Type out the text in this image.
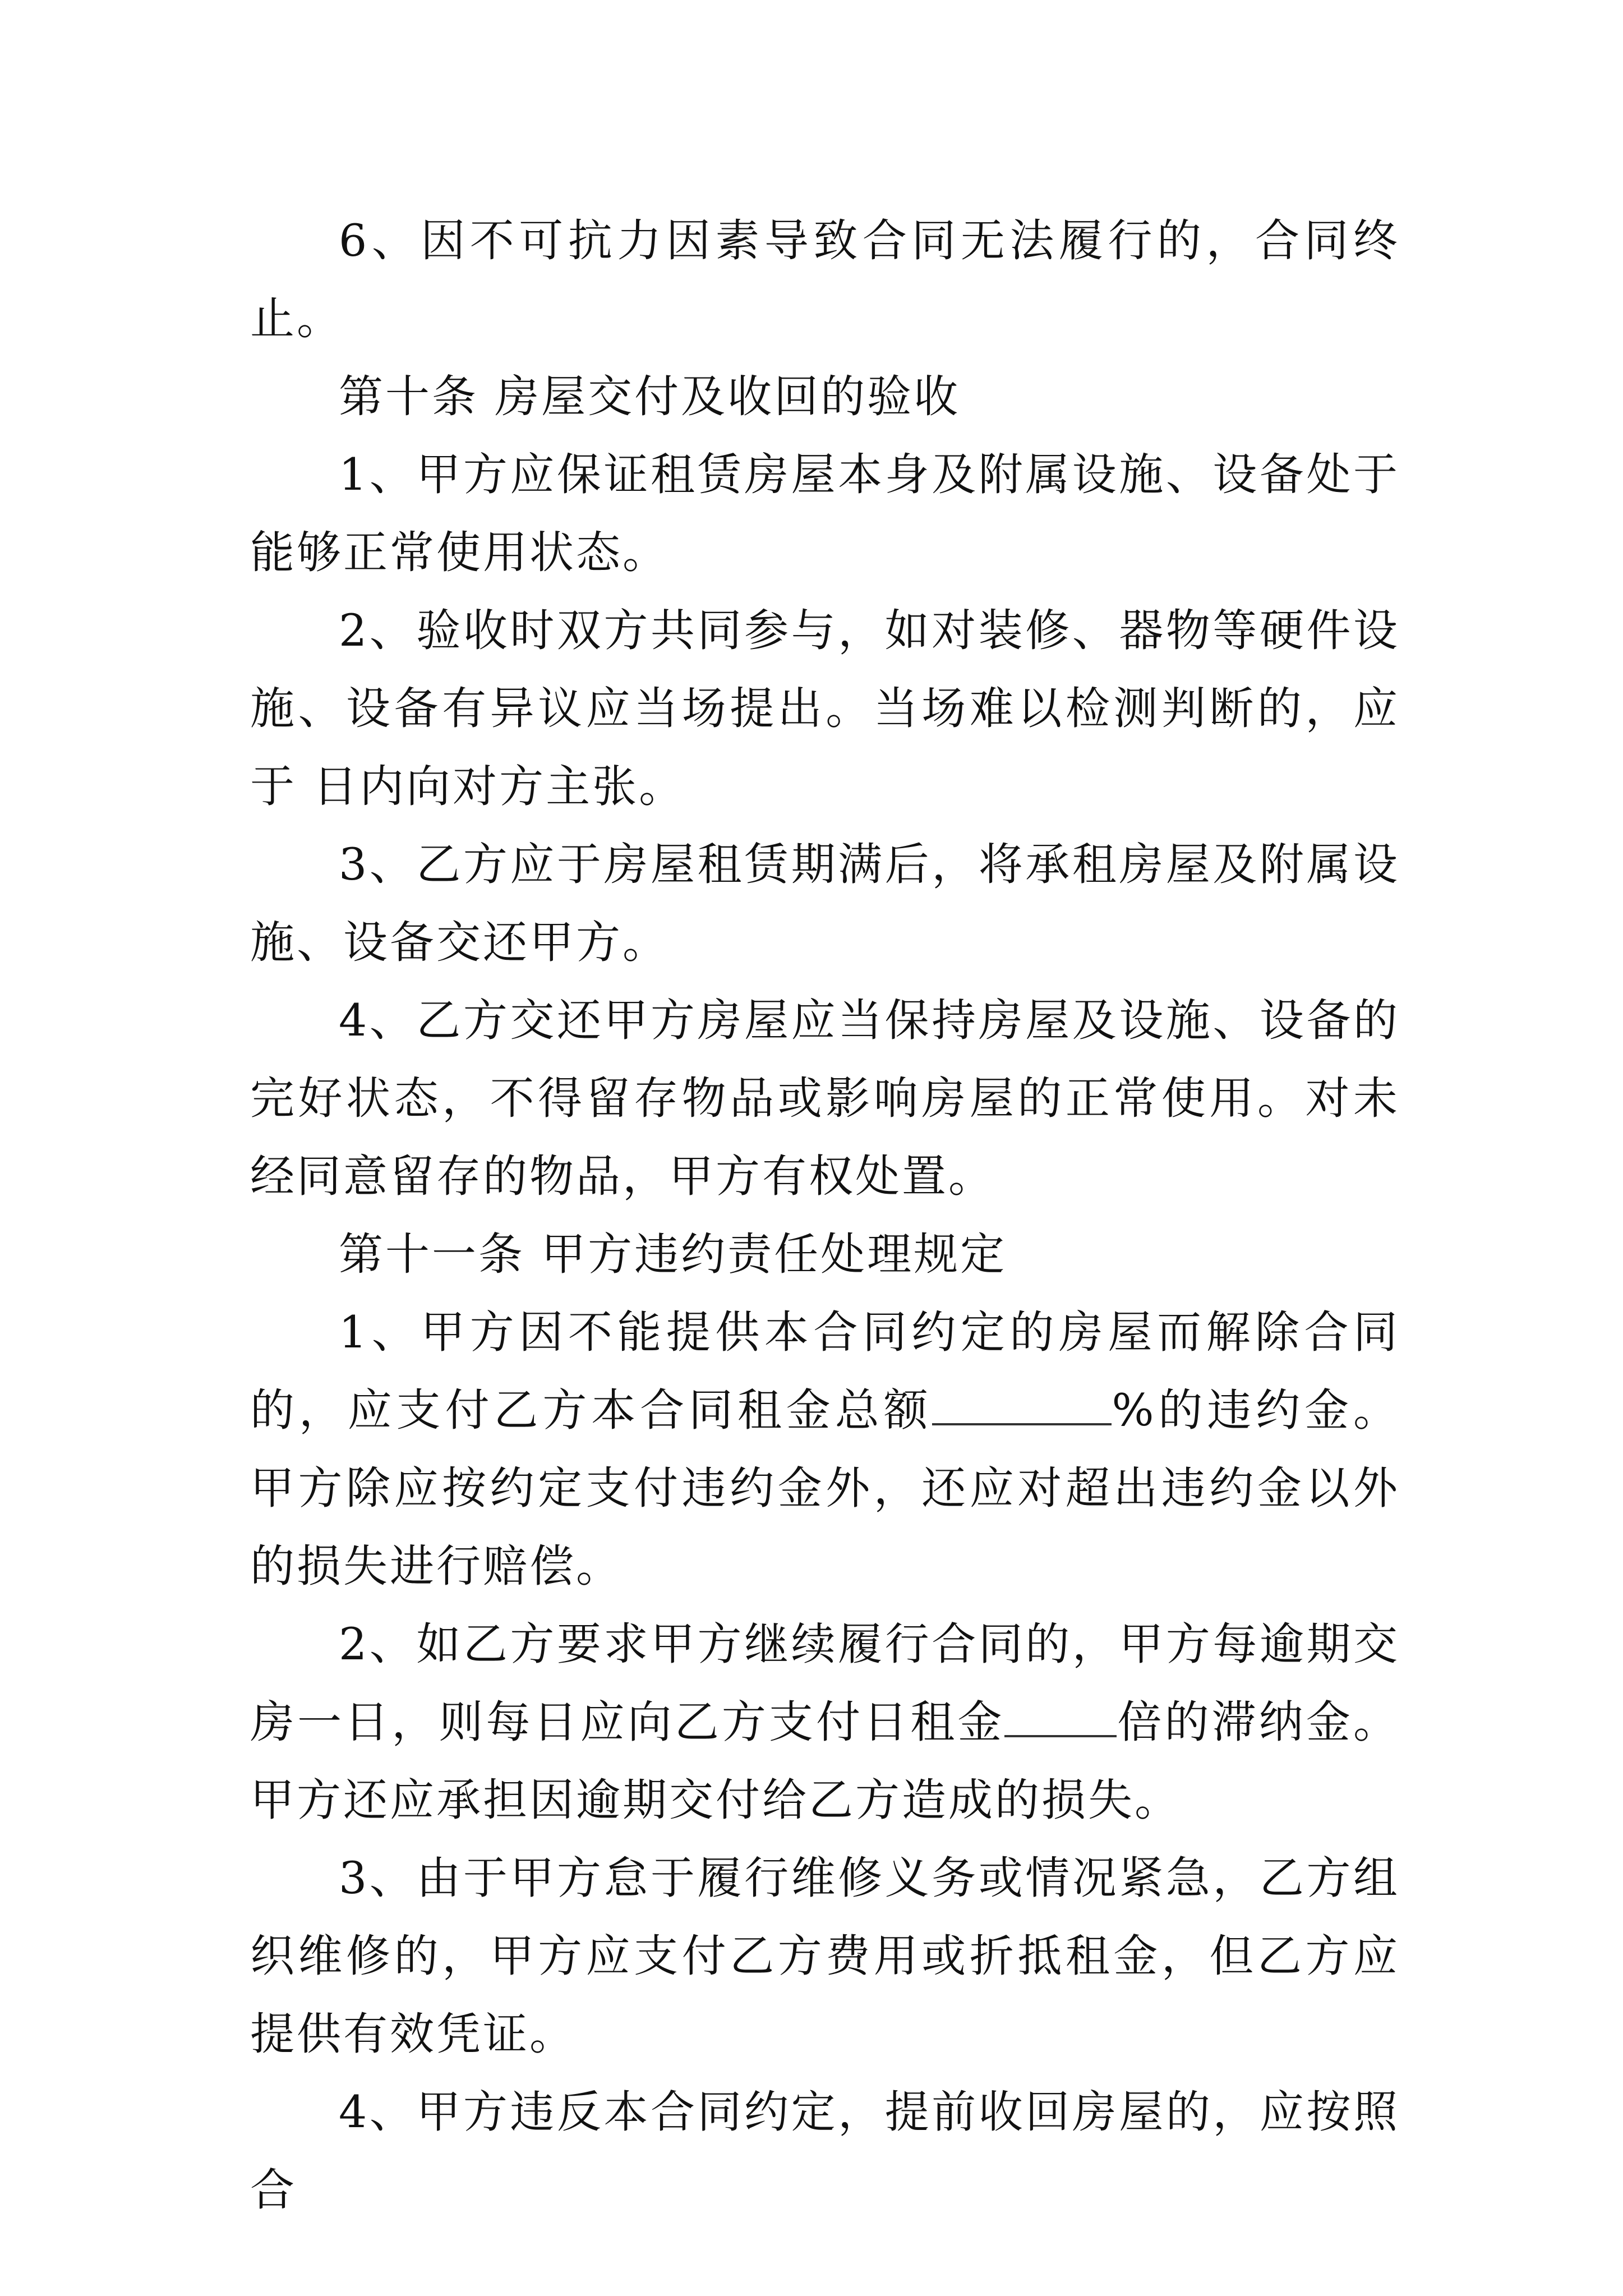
6、因不可抗力因素导致合同无法履行的，合同终止。

第十条 房屋交付及收回的验收

1、甲方应保证租赁房屋本身及附属设施、设备处于能够正常使用状态。

2、验收时双方共同参与，如对装修、器物等硬件设施、设备有异议应当场提出。当场难以检测判断的，应于 日内向对方主张。

3、乙方应于房屋租赁期满后，将承租房屋及附属设施、设备交还甲方。

4、乙方交还甲方房屋应当保持房屋及设施、设备的完好状态，不得留存物品或影响房屋的正常使用。对未经同意留存的物品，甲方有权处置。

第十一条 甲方违约责任处理规定

1、甲方因不能提供本合同约定的房屋而解除合同的，应支付乙方本合同租金总额	%的违约金。甲方除应按约定支付违约金外，还应对超出违约金以外的损失进行赔偿。

2、如乙方要求甲方继续履行合同的，甲方每逾期交房一日，则每日应向乙方支付日租金	倍的滞纳金。甲方还应承担因逾期交付给乙方造成的损失。

3、由于甲方怠于履行维修义务或情况紧急，乙方组织维修的，甲方应支付乙方费用或折抵租金，但乙方应提供有效凭证。

4、甲方违反本合同约定，提前收回房屋的，应按照合
